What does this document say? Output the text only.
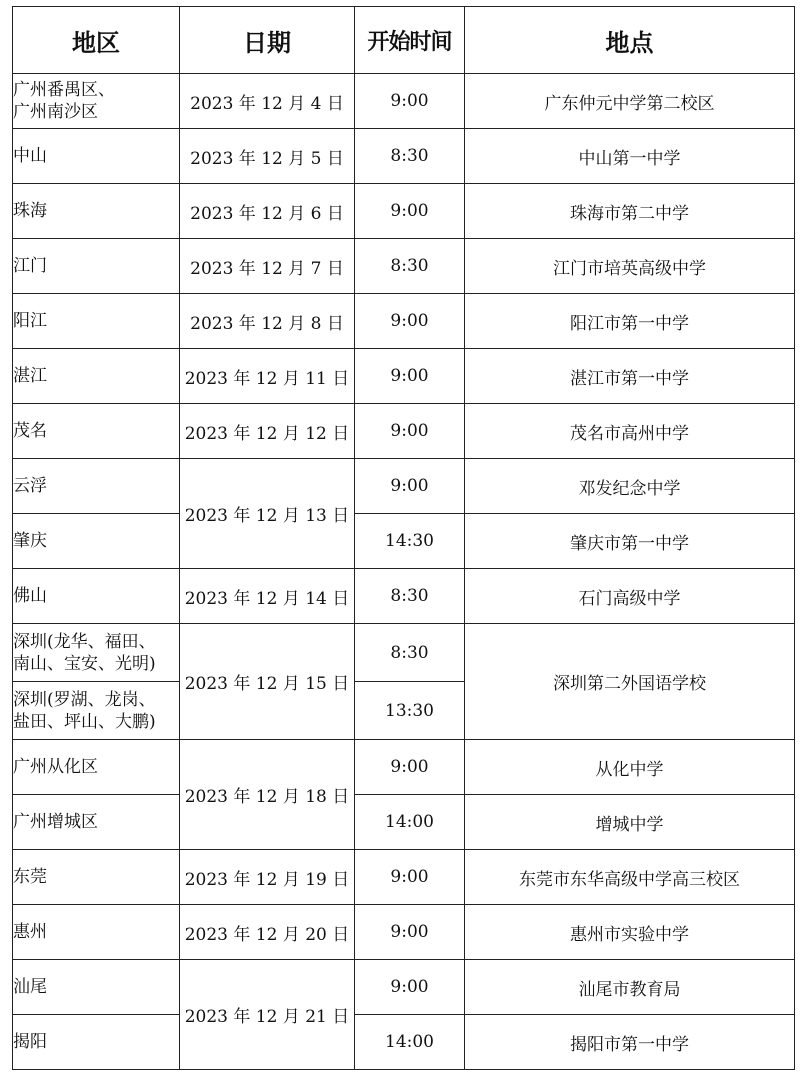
地区	日期	开始时间	地点
广州番禺区、
广州南沙区	2023 年 12 月 4 日	9:00	广东仲元中学第二校区
中山	2023 年 12 月 5 日	8:30	中山第一中学
珠海	2023 年 12 月 6 日	9:00	珠海市第二中学
江门	2023 年 12 月 7 日	8:30	江门市培英高级中学
阳江	2023 年 12 月 8 日	9:00	阳江市第一中学
湛江	2023 年 12 月 11 日	9:00	湛江市第一中学
茂名	2023 年 12 月 12 日	9:00	茂名市高州中学
云浮	2023 年 12 月 13 日	9:00	邓发纪念中学
肇庆		14:30	肇庆市第一中学
佛山	2023 年 12 月 14 日	8:30	石门高级中学
深圳(龙华、福田、
南山、宝安、光明)	2023 年 12 月 15 日	8:30	深圳第二外国语学校
深圳(罗湖、龙岗、
盐田、坪山、大鹏)		13:30	
广州从化区	2023 年 12 月 18 日	9:00	从化中学
广州增城区		14:00	增城中学
东莞	2023 年 12 月 19 日	9:00	东莞市东华高级中学高三校区
惠州	2023 年 12 月 20 日	9:00	惠州市实验中学
汕尾	2023 年 12 月 21 日	9:00	汕尾市教育局
揭阳		14:00	揭阳市第一中学
